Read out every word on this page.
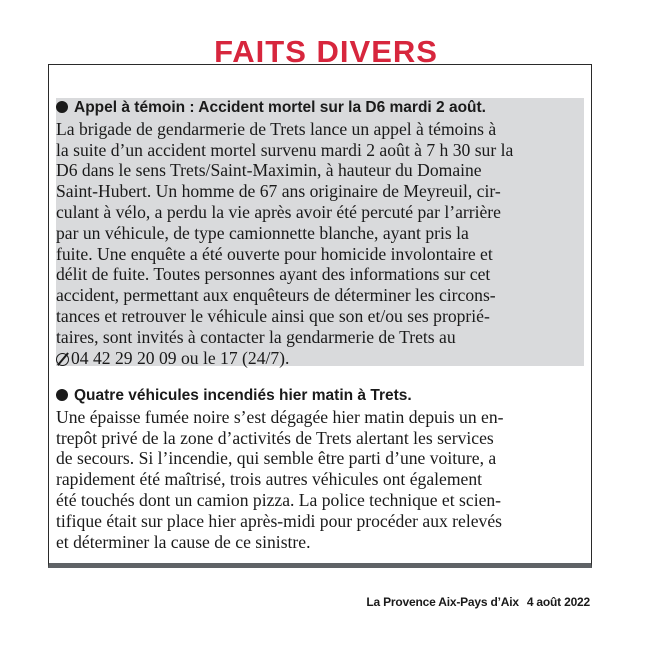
FAITS DIVERS
Appel à témoin : Accident mortel sur la D6 mardi 2 août.
La brigade de gendarmerie de Trets lance un appel à témoins à
la suite d’un accident mortel survenu mardi 2 août à 7 h 30 sur la
D6 dans le sens Trets/Saint-Maximin, à hauteur du Domaine
Saint-Hubert. Un homme de 67 ans originaire de Meyreuil, cir-
culant à vélo, a perdu la vie après avoir été percuté par l’arrière
par un véhicule, de type camionnette blanche, ayant pris la
fuite. Une enquête a été ouverte pour homicide involontaire et
délit de fuite. Toutes personnes ayant des informations sur cet
accident, permettant aux enquêteurs de déterminer les circons-
tances et retrouver le véhicule ainsi que son et/ou ses proprié-
taires, sont invités à contacter la gendarmerie de Trets au
04 42 29 20 09 ou le 17 (24/7).
Quatre véhicules incendiés hier matin à Trets.
Une épaisse fumée noire s’est dégagée hier matin depuis un en-
trepôt privé de la zone d’activités de Trets alertant les services
de secours. Si l’incendie, qui semble être parti d’une voiture, a
rapidement été maîtrisé, trois autres véhicules ont également
été touchés dont un camion pizza. La police technique et scien-
tifique était sur place hier après-midi pour procéder aux relevés
et déterminer la cause de ce sinistre.
La Provence Aix-Pays d’Aix 4 août 2022
